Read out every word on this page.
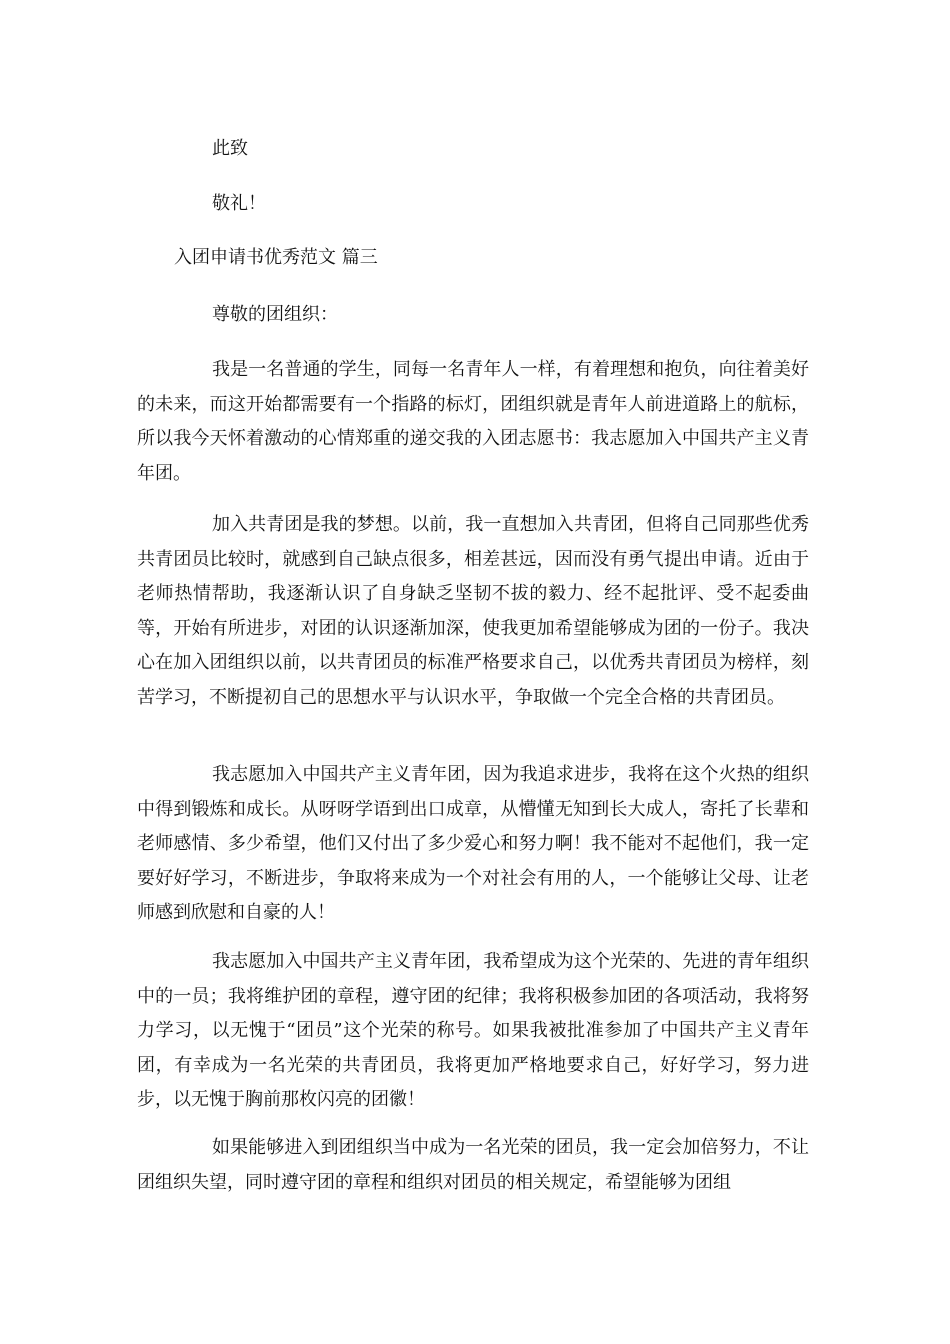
此致
敬礼！
入团申请书优秀范文 篇三
尊敬的团组织：

我是一名普通的学生，同每一名青年人一样，有着理想和抱负，向往着美好的未来，而这开始都需要有一个指路的标灯，团组织就是青年人前进道路上的航标，所以我今天怀着激动的心情郑重的递交我的入团志愿书：我志愿加入中国共产主义青年团。

加入共青团是我的梦想。以前，我一直想加入共青团，但将自己同那些优秀共青团员比较时，就感到自己缺点很多，相差甚远，因而没有勇气提出申请。近由于老师热情帮助，我逐渐认识了自身缺乏坚韧不拔的毅力、经不起批评、受不起委曲等，开始有所进步，对团的认识逐渐加深，使我更加希望能够成为团的一份子。我决心在加入团组织以前，以共青团员的标准严格要求自己，以优秀共青团员为榜样，刻苦学习，不断提初自己的思想水平与认识水平，争取做一个完全合格的共青团员。

我志愿加入中国共产主义青年团，因为我追求进步，我将在这个火热的组织中得到锻炼和成长。从呀呀学语到出口成章，从懵懂无知到长大成人，寄托了长辈和老师感情、多少希望，他们又付出了多少爱心和努力啊！我不能对不起他们，我一定要好好学习，不断进步，争取将来成为一个对社会有用的人，一个能够让父母、让老师感到欣慰和自豪的人！

我志愿加入中国共产主义青年团，我希望成为这个光荣的、先进的青年组织中的一员；我将维护团的章程，遵守团的纪律；我将积极参加团的各项活动，我将努力学习，以无愧于“团员”这个光荣的称号。如果我被批准参加了中国共产主义青年团，有幸成为一名光荣的共青团员，我将更加严格地要求自己，好好学习，努力进步，以无愧于胸前那枚闪亮的团徽！

如果能够进入到团组织当中成为一名光荣的团员，我一定会加倍努力，不让团组织失望，同时遵守团的章程和组织对团员的相关规定，希望能够为团组
